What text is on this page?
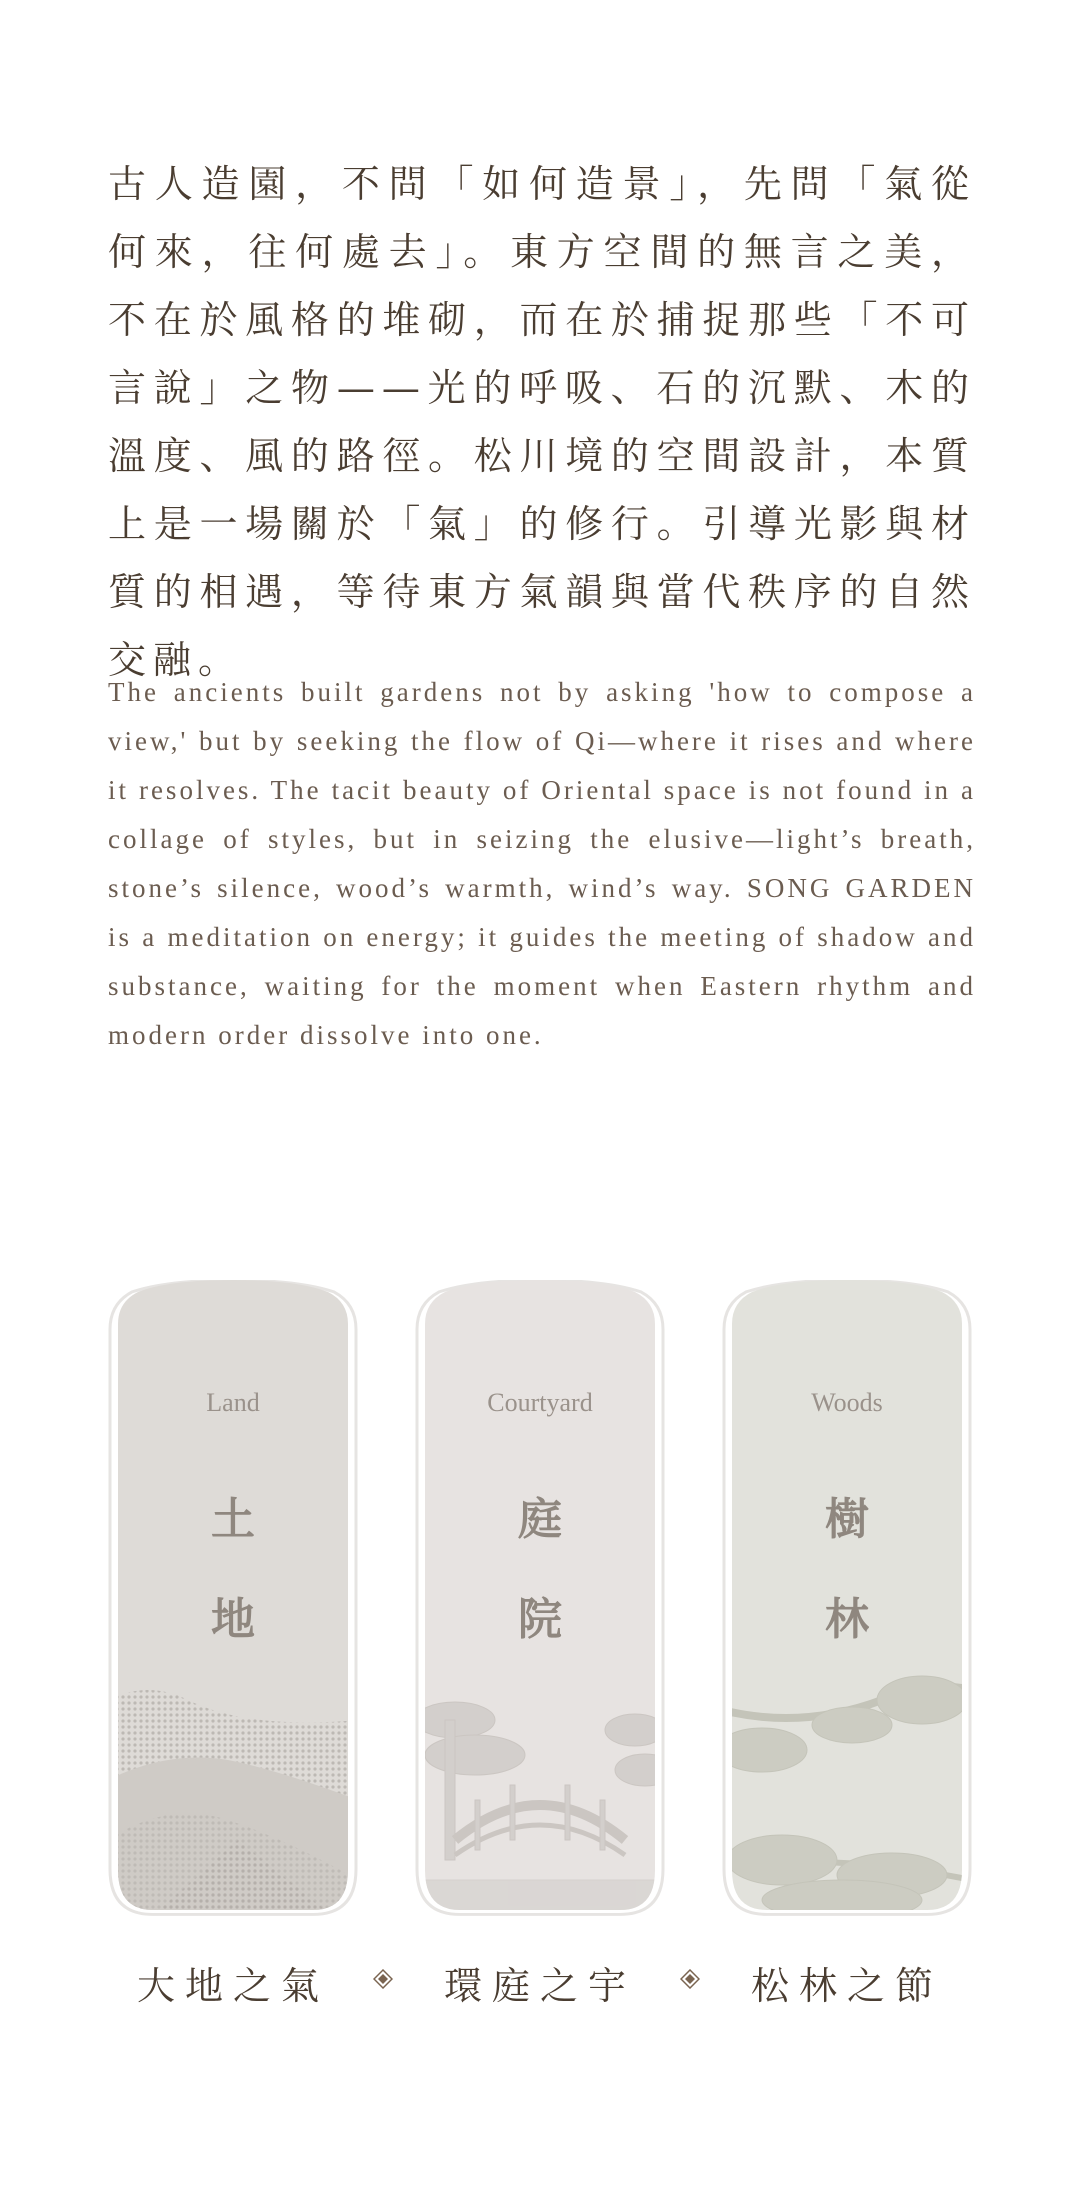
古人造園，不問「如何造景」，先問「氣從何來，往何處去」。東方空間的無言之美，不在於風格的堆砌，而在於捕捉那些「不可言說」之物——光的呼吸、石的沉默、木的溫度、風的路徑。松川境的空間設計，本質上是一場關於「氣」的修行。引導光影與材質的相遇，等待東方氣韻與當代秩序的自然交融。

The ancients built gardens not by asking 'how to compose a view,' but by seeking the flow of Qi—where it rises and where it resolves. The tacit beauty of Oriental space is not found in a collage of styles, but in seizing the elusive—light’s breath, stone’s silence, wood’s warmth, wind’s way. SONG GARDEN is a meditation on energy; it guides the meeting of shadow and substance, waiting for the moment when Eastern rhythm and modern order dissolve into one.

Land
土
地
Courtyard
庭
院
Woods
樹
林
大地之氣	環庭之宇	松林之節
